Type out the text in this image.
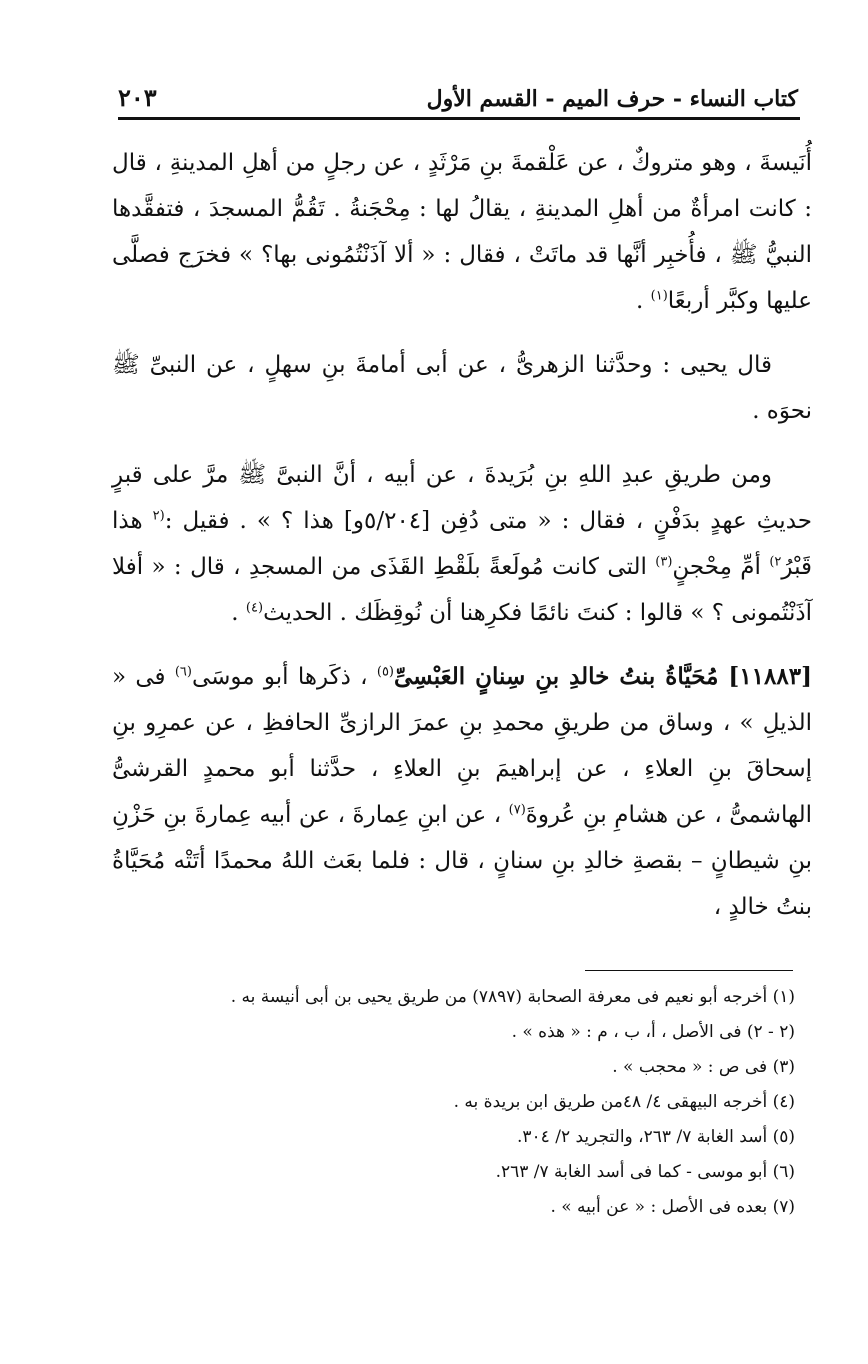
كتاب النساء - حرف الميم - القسم الأول
٢٠٣

أُنَيسةَ ، وهو متروكٌ ، عن عَلْقمةَ بنِ مَرْثَدٍ ، عن رجلٍ من أهلِ المدينةِ ، قال : كانت امرأةٌ من أهلِ المدينةِ ، يقالُ لها : مِحْجَنةُ . تَقُمُّ المسجدَ ، فتفقَّدها النبيُّ ﷺ ، فأُخبِر أنَّها قد ماتَتْ ، فقال : « ألا آذَنْتُمُونى بها؟ » فخرَج فصلَّى عليها وكبَّر أربعًا$^{(١)}$ .

قال يحيى : وحدَّثنا الزهرىُّ ، عن أبى أمامةَ بنِ سهلٍ ، عن النبىِّ ﷺ نحوَه .

ومن طريقِ عبدِ اللهِ بنِ بُرَيدةَ ، عن أبيه ، أنَّ النبىَّ ﷺ مرَّ على قبرٍ حديثِ عهدٍ بدَفْنٍ ، فقال : « متى دُفِن [٥/٢٠٤و] هذا ؟ » . فقيل :$^{(٢}$ هذا قَبْرُ$^{٢)}$ أمِّ مِحْجنٍ$^{(٣)}$ التى كانت مُولَعةً بلَقْطِ القَذَى من المسجدِ ، قال : « أفلا آذَنْتُمونى ؟ » قالوا : كنتَ نائمًا فكرِهنا أن نُوقِظَك . الحديث$^{(٤)}$ .

[١١٨٨٣] مُحَيَّاةُ بنتُ خالدِ بنِ سِنانٍ العَبْسِىِّ$^{(٥)}$ ، ذكَرها أبو موسَى$^{(٦)}$ فى « الذيلِ » ، وساق من طريقِ محمدِ بنِ عمرَ الرازىِّ الحافظِ ، عن عمرِو بنِ إسحاقَ بنِ العلاءِ ، عن إبراهيمَ بنِ العلاءِ ، حدَّثنا أبو محمدٍ القرشىُّ الهاشمىُّ ، عن هشامِ بنِ عُروةَ$^{(٧)}$ ، عن ابنِ عِمارةَ ، عن أبيه عِمارةَ بنِ حَزْنِ بنِ شيطانٍ – بقصةِ خالدِ بنِ سنانٍ ، قال : فلما بعَث اللهُ محمدًا أتَتْه مُحَيَّاةُ بنتُ خالدٍ ،

(١) أخرجه أبو نعيم فى معرفة الصحابة (٧٨٩٧) من طريق يحيى بن أبى أنيسة به .

(٢ - ٢) فى الأصل ، أ، ب ، م : « هذه » .

(٣) فى ص : « محجب » .

(٤) أخرجه البيهقى ٤/ ٤٨من طريق ابن بريدة به .

(٥) أسد الغابة ٧/ ٢٦٣، والتجريد ٢/ ٣٠٤.

(٦) أبو موسى - كما فى أسد الغابة ٧/ ٢٦٣.

(٧) بعده فى الأصل : « عن أبيه » .
